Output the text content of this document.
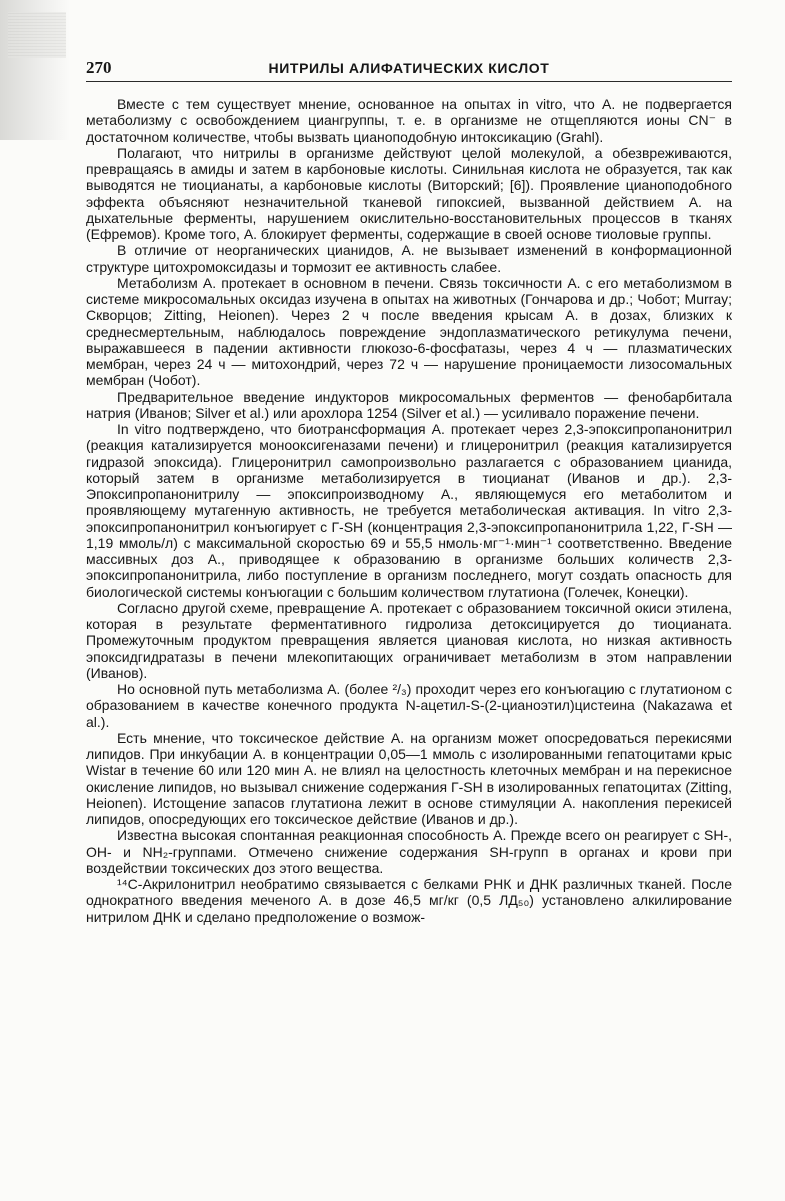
270	НИТРИЛЫ АЛИФАТИЧЕСКИХ КИСЛОТ

Вместе с тем существует мнение, основанное на опытах in vitro, что А. не подвергается метаболизму с освобождением циангруппы, т. е. в организме не отщепляются ионы CN⁻ в достаточном количестве, чтобы вызвать цианоподобную интоксикацию (Grahl).

Полагают, что нитрилы в организме действуют целой молекулой, а обезвреживаются, превращаясь в амиды и затем в карбоновые кислоты. Синильная кислота не образуется, так как выводятся не тиоцианаты, а карбоновые кислоты (Виторский; [6]). Проявление цианоподобного эффекта объясняют незначительной тканевой гипоксией, вызванной действием А. на дыхательные ферменты, нарушением окислительно-восстановительных процессов в тканях (Ефремов). Кроме того, А. блокирует ферменты, содержащие в своей основе тиоловые группы.

В отличие от неорганических цианидов, А. не вызывает изменений в конформационной структуре цитохромоксидазы и тормозит ее активность слабее.

Метаболизм А. протекает в основном в печени. Связь токсичности А. с его метаболизмом в системе микросомальных оксидаз изучена в опытах на животных (Гончарова и др.; Чобот; Murray; Скворцов; Zitting, Heionen). Через 2 ч после введения крысам А. в дозах, близких к среднесмертельным, наблюдалось повреждение эндоплазматического ретикулума печени, выражавшееся в падении активности глюкозо-6-фосфатазы, через 4 ч — плазматических мембран, через 24 ч — митохондрий, через 72 ч — нарушение проницаемости лизосомальных мембран (Чобот).

Предварительное введение индукторов микросомальных ферментов — фенобарбитала натрия (Иванов; Silver et al.) или арохлора 1254 (Silver et al.) — усиливало поражение печени.

In vitro подтверждено, что биотрансформация А. протекает через 2,3-эпоксипропанонитрил (реакция катализируется монооксигеназами печени) и глицеронитрил (реакция катализируется гидразой эпоксида). Глицеронитрил самопроизвольно разлагается с образованием цианида, который затем в организме метаболизируется в тиоцианат (Иванов и др.). 2,3-Эпоксипропанонитрилу — эпоксипроизводному А., являющемуся его метаболитом и проявляющему мутагенную активность, не требуется метаболическая активация. In vitro 2,3-эпоксипропанонитрил конъюгирует с Г-SH (концентрация 2,3-эпоксипропанонитрила 1,22, Г-SH — 1,19 ммоль/л) с максимальной скоростью 69 и 55,5 нмоль·мг⁻¹·мин⁻¹ соответственно. Введение массивных доз А., приводящее к образованию в организме больших количеств 2,3-эпоксипропанонитрила, либо поступление в организм последнего, могут создать опасность для биологической системы конъюгации с большим количеством глутатиона (Голечек, Конецки).

Согласно другой схеме, превращение А. протекает с образованием токсичной окиси этилена, которая в результате ферментативного гидролиза детоксицируется до тиоцианата. Промежуточным продуктом превращения является циановая кислота, но низкая активность эпоксидгидратазы в печени млекопитающих ограничивает метаболизм в этом направлении (Иванов).

Но основной путь метаболизма А. (более ²/₃) проходит через его конъюгацию с глутатионом с образованием в качестве конечного продукта N-ацетил-S-(2-цианоэтил)цистеина (Nakazawa et al.).

Есть мнение, что токсическое действие А. на организм может опосредоваться перекисями липидов. При инкубации А. в концентрации 0,05—1 ммоль с изолированными гепатоцитами крыс Wistar в течение 60 или 120 мин А. не влиял на целостность клеточных мембран и на перекисное окисление липидов, но вызывал снижение содержания Г-SH в изолированных гепатоцитах (Zitting, Heionen). Истощение запасов глутатиона лежит в основе стимуляции А. накопления перекисей липидов, опосредующих его токсическое действие (Иванов и др.).

Известна высокая спонтанная реакционная способность А. Прежде всего он реагирует с SH-, OH- и NH₂-группами. Отмечено снижение содержания SH-групп в органах и крови при воздействии токсических доз этого вещества.

¹⁴С-Акрилонитрил необратимо связывается с белками РНК и ДНК различных тканей. После однократного введения меченого А. в дозе 46,5 мг/кг (0,5 ЛД₅₀) установлено алкилирование нитрилом ДНК и сделано предположение о возмож-
